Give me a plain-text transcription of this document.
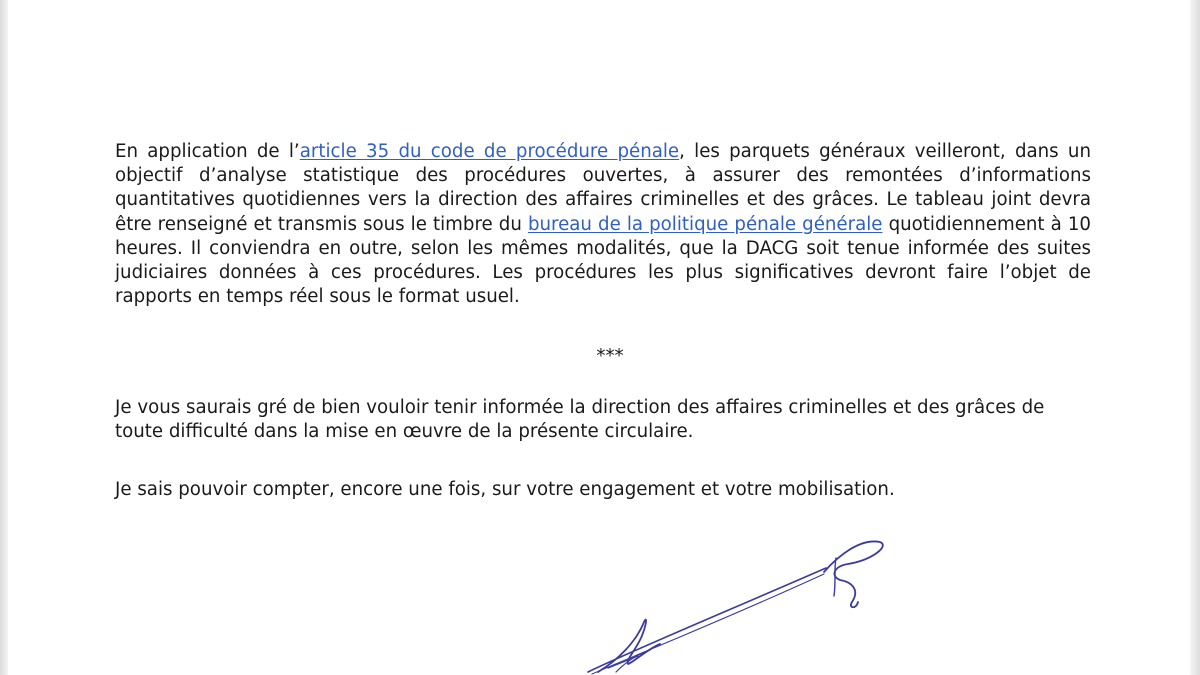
En application de l’article 35 du code de procédure pénale, les parquets généraux veilleront, dans un objectif d’analyse statistique des procédures ouvertes, à assurer des remontées d’informations quantitatives quotidiennes vers la direction des affaires criminelles et des grâces. Le tableau joint devra être renseigné et transmis sous le timbre du bureau de la politique pénale générale quotidiennement à 10 heures. Il conviendra en outre, selon les mêmes modalités, que la DACG soit tenue informée des suites judiciaires données à ces procédures. Les procédures les plus significatives devront faire l’objet de rapports en temps réel sous le format usuel.

***

Je vous saurais gré de bien vouloir tenir informée la direction des affaires criminelles et des grâces de toute difficulté dans la mise en œuvre de la présente circulaire.

Je sais pouvoir compter, encore une fois, sur votre engagement et votre mobilisation.
